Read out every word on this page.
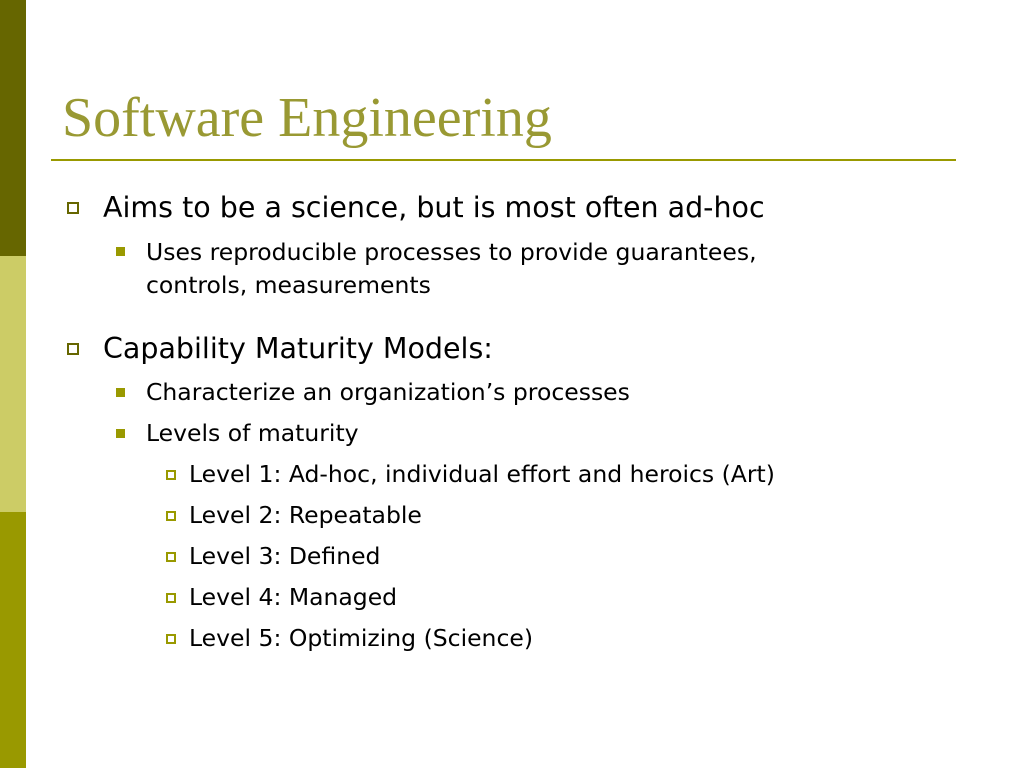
Software Engineering
Aims to be a science, but is most often ad-hoc
Uses reproducible processes to provide guarantees,
controls, measurements
Capability Maturity Models:
Characterize an organization’s processes
Levels of maturity
Level 1: Ad-hoc, individual effort and heroics (Art)
Level 2: Repeatable
Level 3: Defined
Level 4: Managed
Level 5: Optimizing (Science)
